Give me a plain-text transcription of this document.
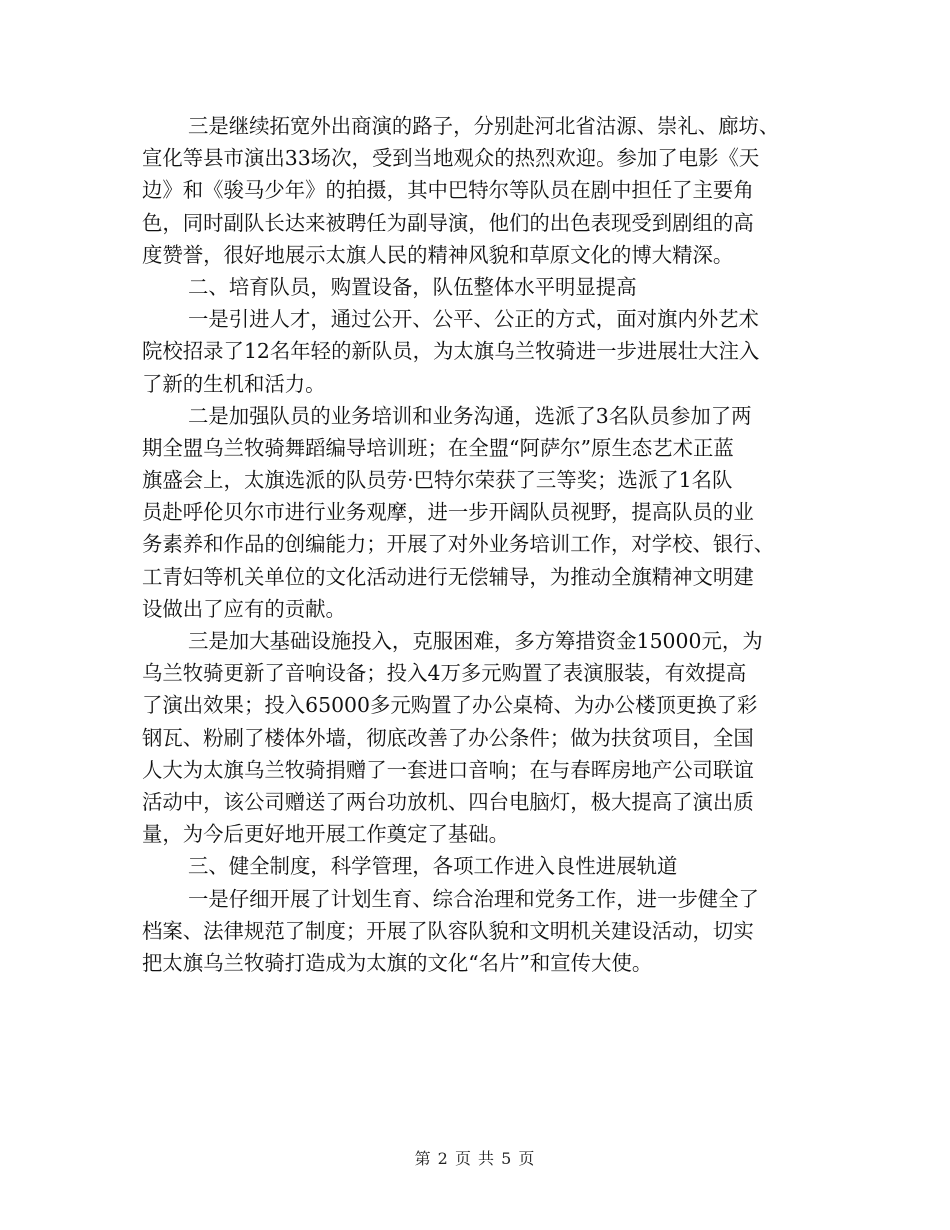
三是继续拓宽外出商演的路子，分别赴河北省沽源、崇礼、廊坊、
宣化等县市演出33场次，受到当地观众的热烈欢迎。参加了电影《天
边》和《骏马少年》的拍摄，其中巴特尔等队员在剧中担任了主要角
色，同时副队长达来被聘任为副导演，他们的出色表现受到剧组的高
度赞誉，很好地展示太旗人民的精神风貌和草原文化的博大精深。

二、培育队员，购置设备，队伍整体水平明显提高

一是引进人才，通过公开、公平、公正的方式，面对旗内外艺术
院校招录了12名年轻的新队员，为太旗乌兰牧骑进一步进展壮大注入
了新的生机和活力。

二是加强队员的业务培训和业务沟通，选派了3名队员参加了两
期全盟乌兰牧骑舞蹈编导培训班；在全盟“阿萨尔”原生态艺术正蓝
旗盛会上，太旗选派的队员劳·巴特尔荣获了三等奖；选派了1名队
员赴呼伦贝尔市进行业务观摩，进一步开阔队员视野，提高队员的业
务素养和作品的创编能力；开展了对外业务培训工作，对学校、银行、
工青妇等机关单位的文化活动进行无偿辅导，为推动全旗精神文明建
设做出了应有的贡献。

三是加大基础设施投入，克服困难，多方筹措资金15000元，为
乌兰牧骑更新了音响设备；投入4万多元购置了表演服装，有效提高
了演出效果；投入65000多元购置了办公桌椅、为办公楼顶更换了彩
钢瓦、粉刷了楼体外墙，彻底改善了办公条件；做为扶贫项目，全国
人大为太旗乌兰牧骑捐赠了一套进口音响；在与春晖房地产公司联谊
活动中，该公司赠送了两台功放机、四台电脑灯，极大提高了演出质
量，为今后更好地开展工作奠定了基础。

三、健全制度，科学管理，各项工作进入良性进展轨道

一是仔细开展了计划生育、综合治理和党务工作，进一步健全了
档案、法律规范了制度；开展了队容队貌和文明机关建设活动，切实
把太旗乌兰牧骑打造成为太旗的文化“名片”和宣传大使。

第 2 页 共 5 页
